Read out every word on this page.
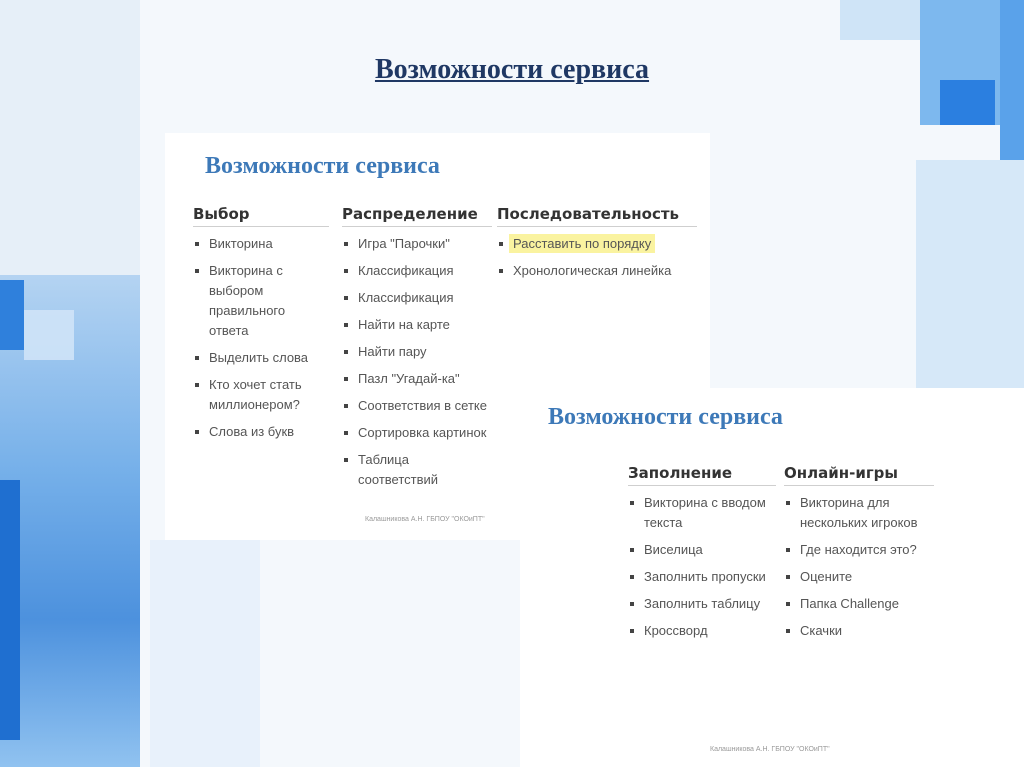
Возможности сервиса
Возможности сервиса
Выбор
Викторина
Викторина с выбором правильного ответа
Выделить слова
Кто хочет стать миллионером?
Слова из букв
Распределение
Игра "Парочки"
Классификация
Классификация
Найти на карте
Найти пару
Пазл "Угадай-ка"
Соответствия в сетке
Сортировка картинок
Таблица соответствий
Последовательность
Расставить по порядку
Хронологическая линейка
Калашникова А.Н. ГБПОУ "ОКОиПТ"
Возможности сервиса
Заполнение
Викторина с вводом текста
Виселица
Заполнить пропуски
Заполнить таблицу
Кроссворд
Онлайн-игры
Викторина для нескольких игроков
Где находится это?
Оцените
Папка Challenge
Скачки
Калашникова А.Н. ГБПОУ "ОКОиПТ"
